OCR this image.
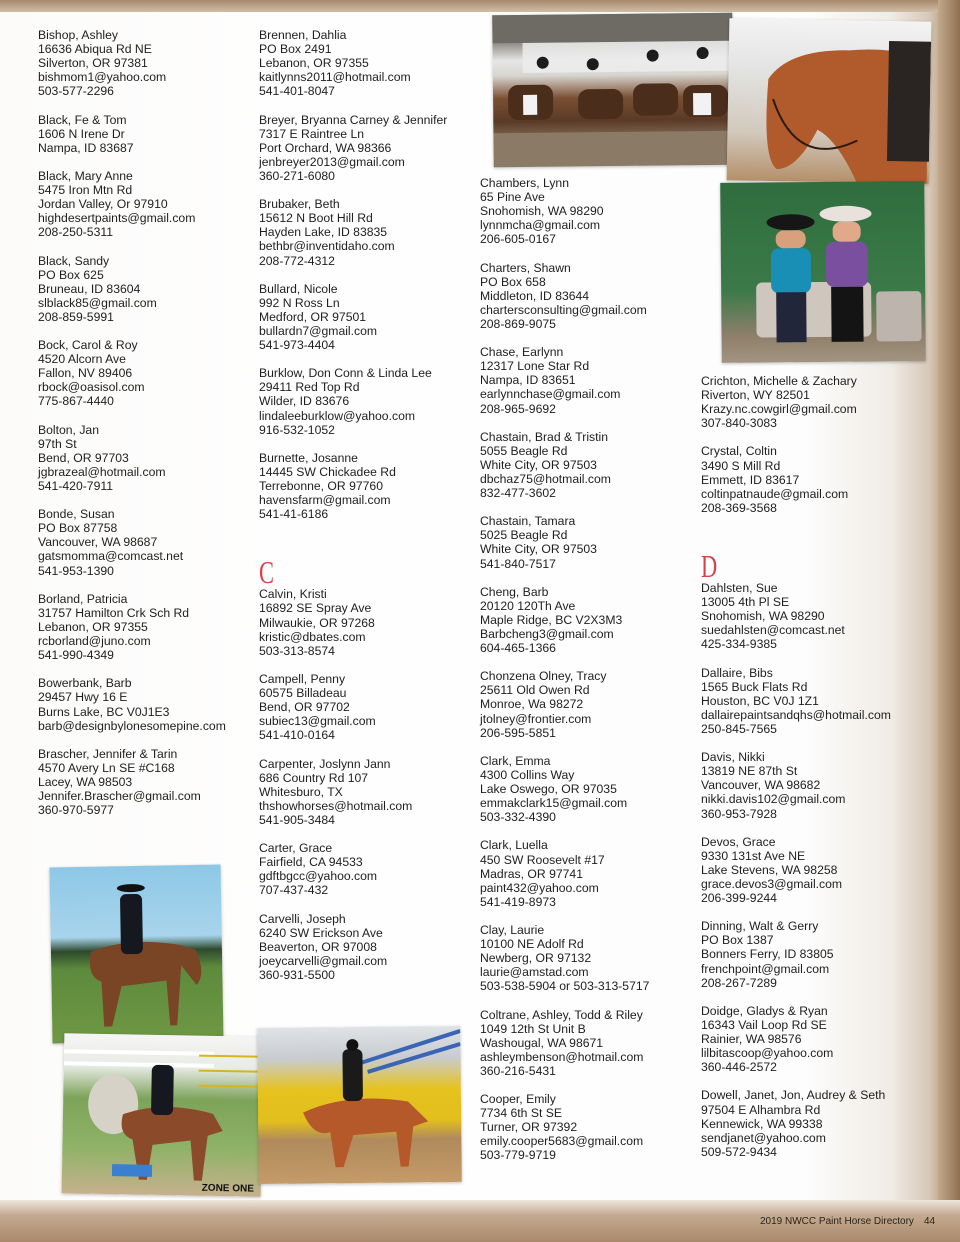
Bishop, Ashley
16636 Abiqua Rd NE
Silverton, OR 97381
bishmom1@yahoo.com
503-577-2296
Black, Fe & Tom
1606 N Irene Dr
Nampa, ID 83687
Black, Mary Anne
5475 Iron Mtn Rd
Jordan Valley, Or 97910
highdesertpaints@gmail.com
208-250-5311
Black, Sandy
PO Box 625
Bruneau, ID 83604
slblack85@gmail.com
208-859-5991
Bock, Carol & Roy
4520 Alcorn Ave
Fallon, NV 89406
rbock@oasisol.com
775-867-4440
Bolton, Jan
97th St
Bend, OR 97703
jgbrazeal@hotmail.com
541-420-7911
Bonde, Susan
PO Box 87758
Vancouver, WA 98687
gatsmomma@comcast.net
541-953-1390
Borland, Patricia
31757 Hamilton Crk Sch Rd
Lebanon, OR 97355
rcborland@juno.com
541-990-4349
Bowerbank, Barb
29457 Hwy 16 E
Burns Lake, BC V0J1E3
barb@designbylonesomepine.com
Brascher, Jennifer & Tarin
4570 Avery Ln SE #C168
Lacey, WA 98503
Jennifer.Brascher@gmail.com
360-970-5977
Brennen, Dahlia
PO Box 2491
Lebanon, OR 97355
kaitlynns2011@hotmail.com
541-401-8047
Breyer, Bryanna Carney & Jennifer
7317 E Raintree Ln
Port Orchard, WA 98366
jenbreyer2013@gmail.com
360-271-6080
Brubaker, Beth
15612 N Boot Hill Rd
Hayden Lake, ID 83835
bethbr@inventidaho.com
208-772-4312
Bullard, Nicole
992 N Ross Ln
Medford, OR 97501
bullardn7@gmail.com
541-973-4404
Burklow, Don Conn & Linda Lee
29411 Red Top Rd
Wilder, ID 83676
lindaleeburklow@yahoo.com
916-532-1052
Burnette, Josanne
14445 SW Chickadee Rd
Terrebonne, OR 97760
havensfarm@gmail.com
541-41-6186
C
Calvin, Kristi
16892 SE Spray Ave
Milwaukie, OR 97268
kristic@dbates.com
503-313-8574
Campell, Penny
60575 Billadeau
Bend, OR 97702
subiec13@gmail.com
541-410-0164
Carpenter, Joslynn Jann
686 Country Rd 107
Whitesburo, TX
thshowhorses@hotmail.com
541-905-3484
Carter, Grace
Fairfield, CA 94533
gdftbgcc@yahoo.com
707-437-432
Carvelli, Joseph
6240 SW Erickson Ave
Beaverton, OR 97008
joeycarvelli@gmail.com
360-931-5500
Chambers, Lynn
65 Pine Ave
Snohomish, WA 98290
lynnmcha@gmail.com
206-605-0167
Charters, Shawn
PO Box 658
Middleton, ID 83644
chartersconsulting@gmail.com
208-869-9075
Chase, Earlynn
12317 Lone Star Rd
Nampa, ID 83651
earlynnchase@gmail.com
208-965-9692
Chastain, Brad & Tristin
5055 Beagle Rd
White City, OR 97503
dbchaz75@hotmail.com
832-477-3602
Chastain, Tamara
5025 Beagle Rd
White City, OR 97503
541-840-7517
Cheng, Barb
20120 120Th Ave
Maple Ridge, BC V2X3M3
Barbcheng3@gmail.com
604-465-1366
Chonzena Olney, Tracy
25611 Old Owen Rd
Monroe, Wa 98272
jtolney@frontier.com
206-595-5851
Clark, Emma
4300 Collins Way
Lake Oswego, OR 97035
emmakclark15@gmail.com
503-332-4390
Clark, Luella
450 SW Roosevelt #17
Madras, OR 97741
paint432@yahoo.com
541-419-8973
Clay, Laurie
10100 NE Adolf Rd
Newberg, OR 97132
laurie@amstad.com
503-538-5904 or 503-313-5717
Coltrane, Ashley, Todd & Riley
1049 12th St Unit B
Washougal, WA 98671
ashleymbenson@hotmail.com
360-216-5431
Cooper, Emily
7734 6th St SE
Turner, OR 97392
emily.cooper5683@gmail.com
503-779-9719
Crichton, Michelle & Zachary
Riverton, WY 82501
Krazy.nc.cowgirl@gmail.com
307-840-3083
Crystal, Coltin
3490 S Mill Rd
Emmett, ID 83617
coltinpatnaude@gmail.com
208-369-3568
D
Dahlsten, Sue
13005 4th Pl SE
Snohomish, WA 98290
suedahlsten@comcast.net
425-334-9385
Dallaire, Bibs
1565 Buck Flats Rd
Houston, BC V0J 1Z1
dallairepaintsandqhs@hotmail.com
250-845-7565
Davis, Nikki
13819 NE 87th St
Vancouver, WA 98682
nikki.davis102@gmail.com
360-953-7928
Devos, Grace
9330 131st Ave NE
Lake Stevens, WA 98258
grace.devos3@gmail.com
206-399-9244
Dinning, Walt & Gerry
PO Box 1387
Bonners Ferry, ID 83805
frenchpoint@gmail.com
208-267-7289
Doidge, Gladys & Ryan
16343 Vail Loop Rd SE
Rainier, WA 98576
lilbitascoop@yahoo.com
360-446-2572
Dowell, Janet, Jon, Audrey & Seth
97504 E Alhambra Rd
Kennewick, WA 99338
sendjanet@yahoo.com
509-572-9434
ZONE ONE
2019 NWCC Paint Horse Directory 44
